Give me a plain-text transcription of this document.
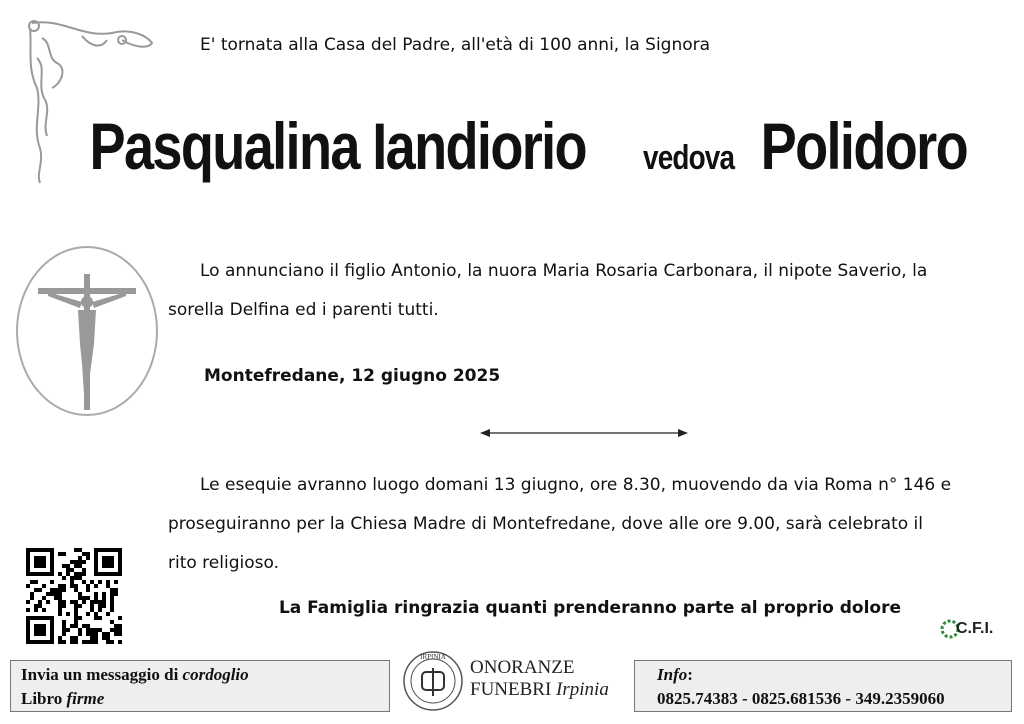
E' tornata alla Casa del Padre, all'età di 100 anni, la Signora
Pasqualina Iandiorio vedova Polidoro
Lo annunciano il figlio Antonio, la nuora Maria Rosaria Carbonara, il nipote Saverio, la
sorella Delfina ed i parenti tutti.
Montefredane, 12 giugno 2025
Le esequie avranno luogo domani 13 giugno, ore 8.30, muovendo da via Roma n° 146 e
proseguiranno per la Chiesa Madre di Montefredane, dove alle ore 9.00, sarà celebrato il
rito religioso.
La Famiglia ringrazia quanti prenderanno parte al proprio dolore
C.F.I.
Invia un messaggio di cordoglio
Libro firme
IRPINIA ONORANZE
FUNEBRI Irpinia
Info:
0825.74383 - 0825.681536 - 349.2359060
